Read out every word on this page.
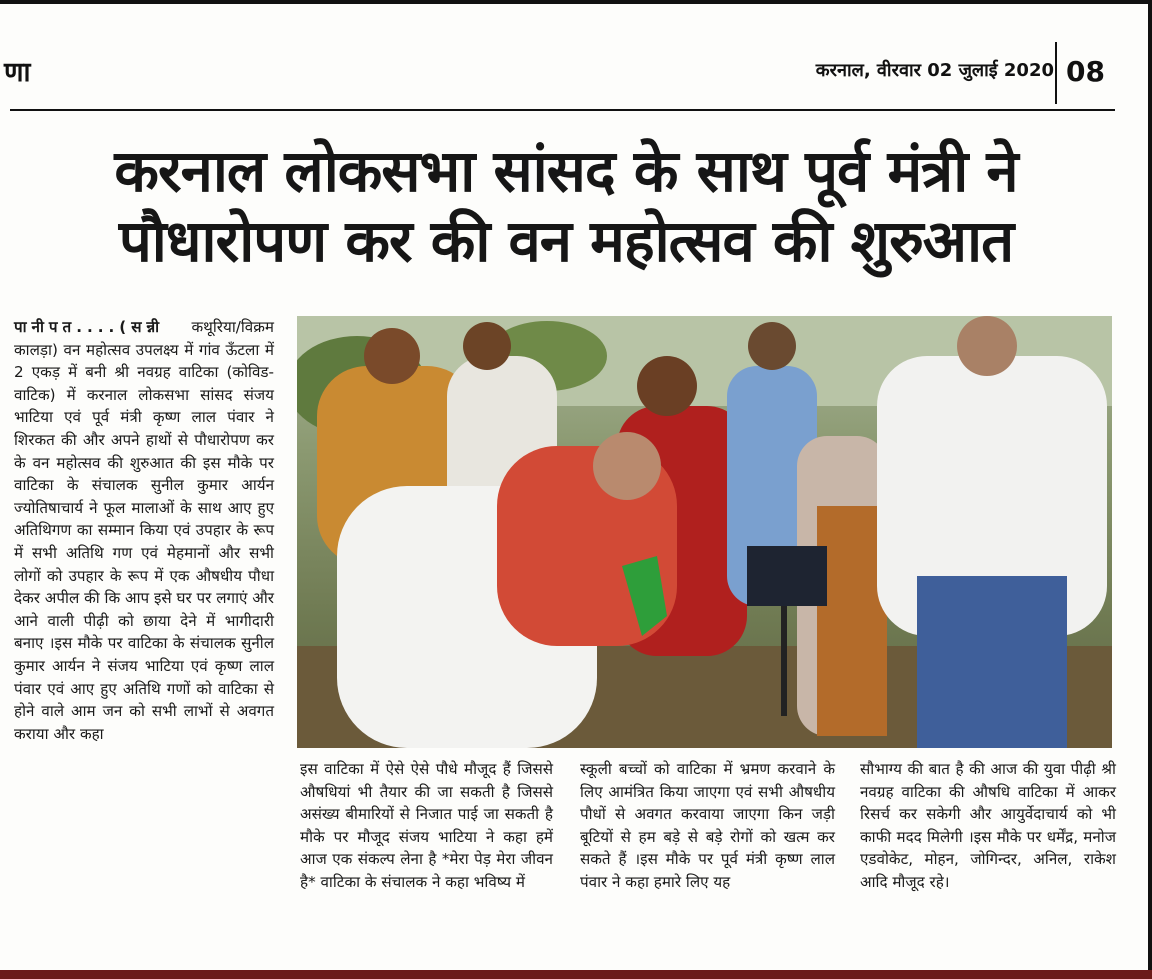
णा	करनाल, वीरवार 02 जुलाई 2020 08
करनाल लोकसभा सांसद के साथ पूर्व मंत्री ने
पौधारोपण कर की वन महोत्सव की शुरुआत

पानीपत....(सन्नी कथूरिया/विक्रम कालड़ा) वन महोत्सव उपलक्ष्य में गांव ऊँटला में 2 एकड़ में बनी श्री नवग्रह वाटिका (कोविड- वाटिक) में करनाल लोकसभा सांसद संजय भाटिया एवं पूर्व मंत्री कृष्ण लाल पंवार ने शिरकत की और अपने हाथों से पौधारोपण कर के वन महोत्सव की शुरुआत की इस मौके पर वाटिका के संचालक सुनील कुमार आर्यन ज्योतिषाचार्य ने फूल मालाओं के साथ आए हुए अतिथिगण का सम्मान किया एवं उपहार के रूप में सभी अतिथि गण एवं मेहमानों और सभी लोगों को उपहार के रूप में एक औषधीय पौधा देकर अपील की कि आप इसे घर पर लगाएं और आने वाली पीढ़ी को छाया देने में भागीदारी बनाए ।इस मौके पर वाटिका के संचालक सुनील कुमार आर्यन ने संजय भाटिया एवं कृष्ण लाल पंवार एवं आए हुए अतिथि गणों को वाटिका से होने वाले आम जन को सभी लाभों से अवगत कराया और कहा

इस वाटिका में ऐसे ऐसे पौधे मौजूद हैं जिससे औषधियां भी तैयार की जा सकती है जिससे असंख्य बीमारियों से निजात पाई जा सकती है मौके पर मौजूद संजय भाटिया ने कहा हमें आज एक संकल्प लेना है *मेरा पेड़ मेरा जीवन है* वाटिका के संचालक ने कहा भविष्य में
स्कूली बच्चों को वाटिका में भ्रमण करवाने के लिए आमंत्रित किया जाएगा एवं सभी औषधीय पौधों से अवगत करवाया जाएगा किन जड़ी बूटियों से हम बड़े से बड़े रोगों को खत्म कर सकते हैं ।इस मौके पर पूर्व मंत्री कृष्ण लाल पंवार ने कहा हमारे लिए यह
सौभाग्य की बात है की आज की युवा पीढ़ी श्री नवग्रह वाटिका की औषधि वाटिका में आकर रिसर्च कर सकेगी और आयुर्वेदाचार्य को भी काफी मदद मिलेगी ।इस मौके पर धर्मेंद्र, मनोज एडवोकेट, मोहन, जोगिन्दर, अनिल, राकेश आदि मौजूद रहे।
